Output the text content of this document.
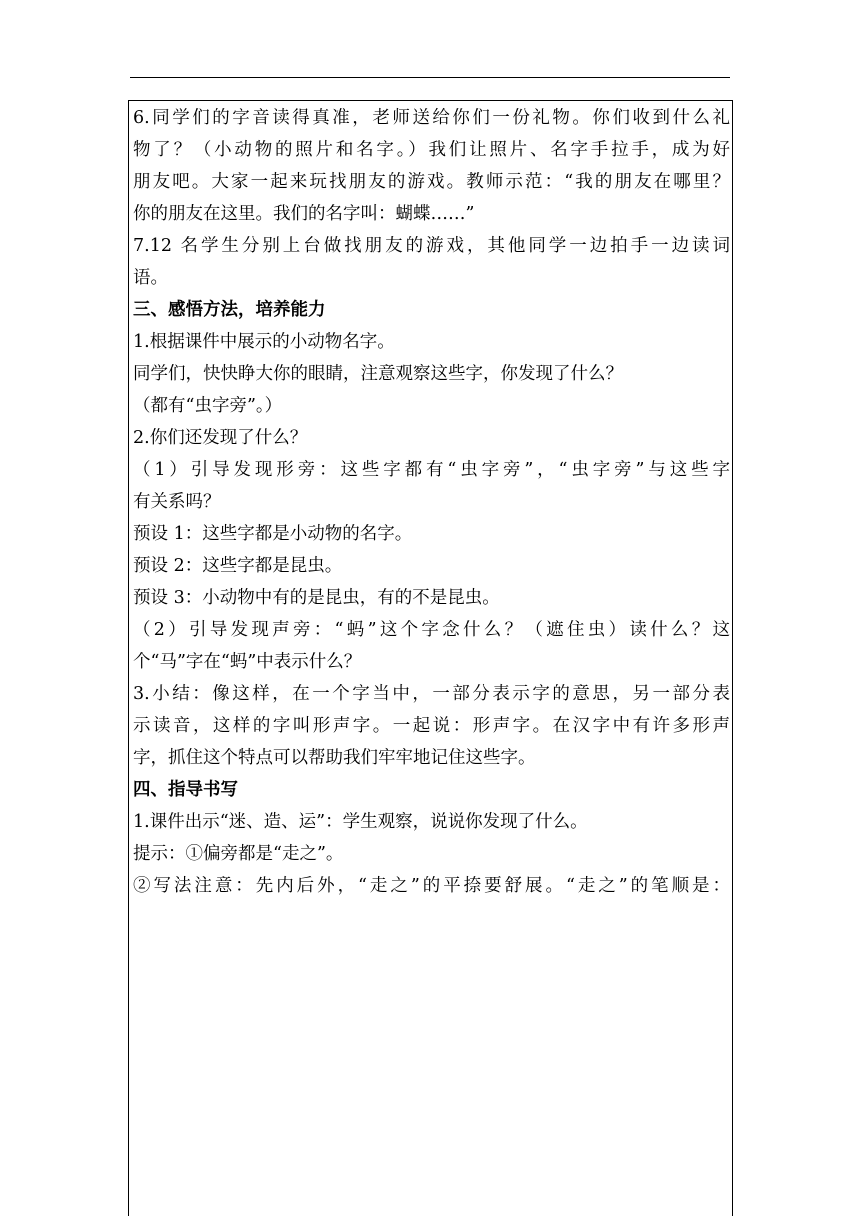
6.同学们的字音读得真准，老师送给你们一份礼物。你们收到什么礼
物了？（小动物的照片和名字。）我们让照片、名字手拉手，成为好
朋友吧。大家一起来玩找朋友的游戏。教师示范：“我的朋友在哪里？
你的朋友在这里。我们的名字叫：蝴蝶……”
7.12 名学生分别上台做找朋友的游戏，其他同学一边拍手一边读词
语。
三、感悟方法，培养能力
1.根据课件中展示的小动物名字。
同学们，快快睁大你的眼睛，注意观察这些字，你发现了什么？
（都有“虫字旁”。）
2.你们还发现了什么？
（1）引导发现形旁：这些字都有“虫字旁”，“虫字旁”与这些字
有关系吗？
预设 1：这些字都是小动物的名字。
预设 2：这些字都是昆虫。
预设 3：小动物中有的是昆虫，有的不是昆虫。
（2）引导发现声旁：“蚂”这个字念什么？（遮住虫）读什么？这
个“马”字在“蚂”中表示什么？
3.小结：像这样，在一个字当中，一部分表示字的意思，另一部分表
示读音，这样的字叫形声字。一起说：形声字。在汉字中有许多形声
字，抓住这个特点可以帮助我们牢牢地记住这些字。
四、指导书写
1.课件出示“迷、造、运”：学生观察，说说你发现了什么。
提示：①偏旁都是“走之”。
②写法注意：先内后外，“走之”的平捺要舒展。“走之”的笔顺是：
